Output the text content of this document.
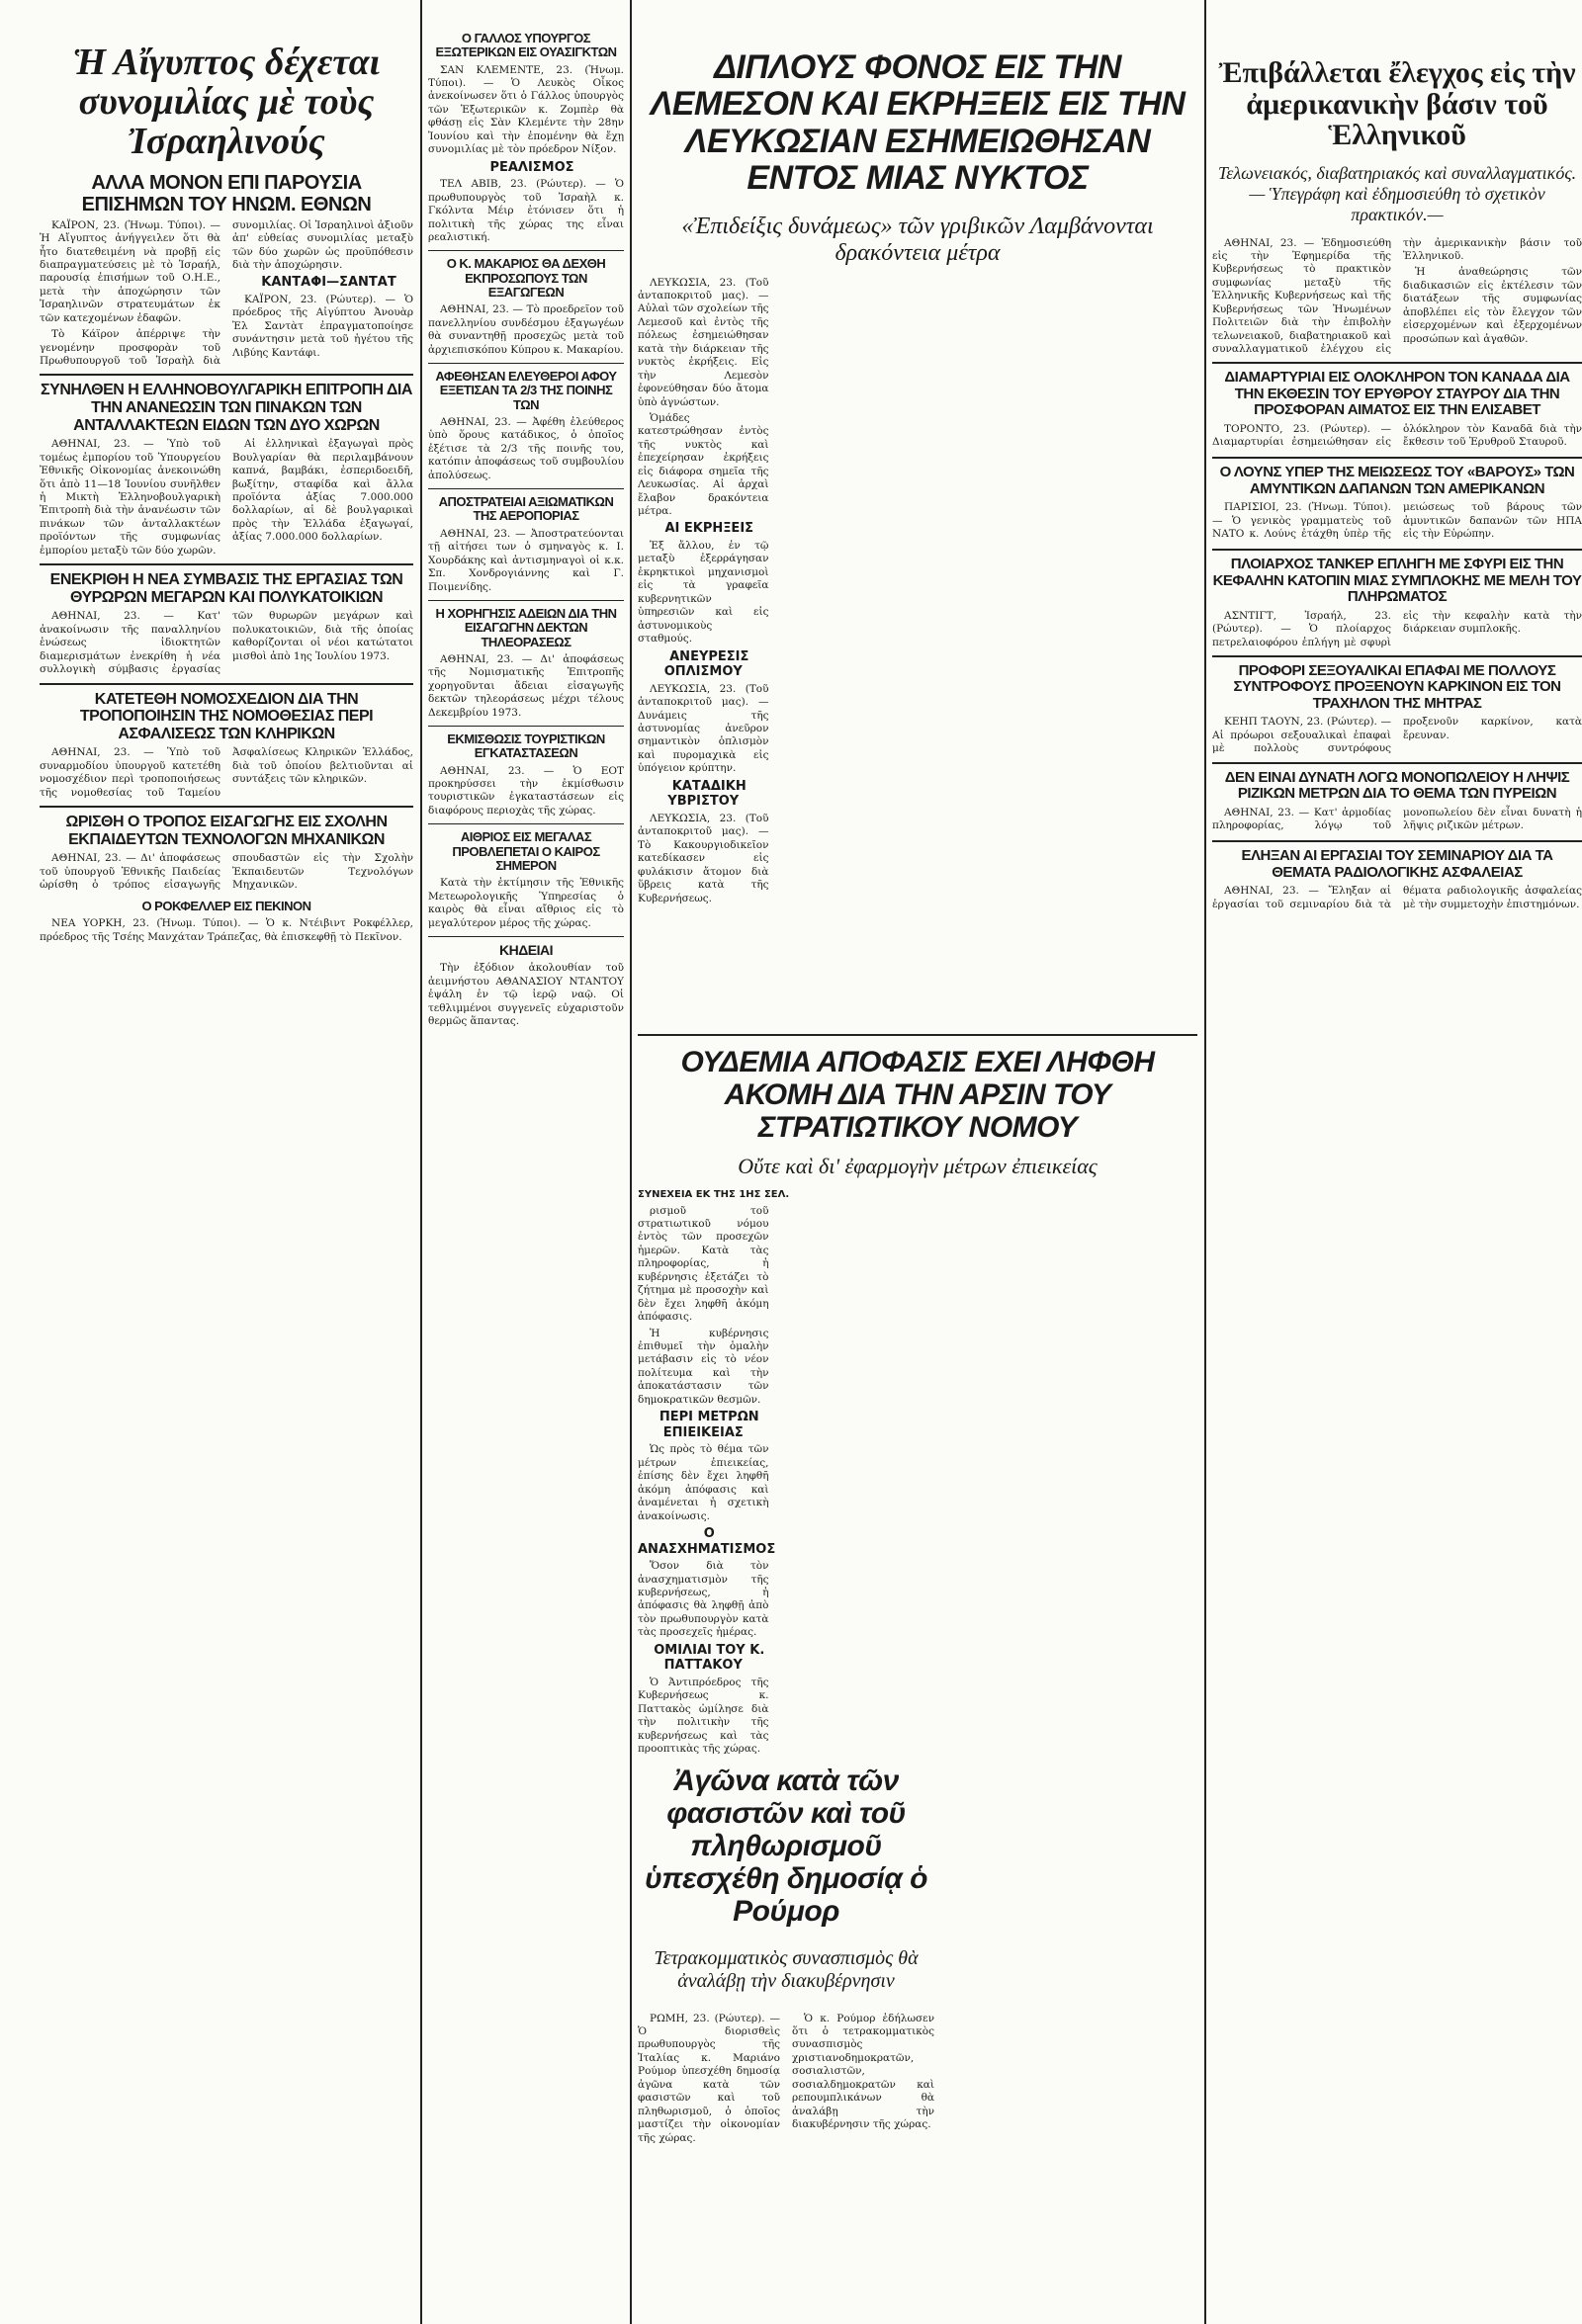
Ἡ Αἴγυπτος δέχεται συνομιλίας μὲ τοὺς Ἰσραηλινούς

ΑΛΛΑ ΜΟΝΟΝ ΕΠΙ ΠΑΡΟΥΣΙΑ ΕΠΙΣΗΜΩΝ ΤΟΥ ΗΝΩΜ. ΕΘΝΩΝ

ΚΑΪΡΟΝ, 23. (Ἡνωμ. Τύποι). — Ἡ Αἴγυπτος ἀνήγγειλεν ὅτι θὰ ἦτο διατεθειμένη νὰ προβῇ εἰς διαπραγματεύσεις μὲ τὸ Ἰσραήλ, παρουσίᾳ ἐπισήμων τοῦ Ο.Η.Ε., μετὰ τὴν ἀποχώρησιν τῶν Ἰσραηλινῶν στρατευμάτων ἐκ τῶν κατεχομένων ἐδαφῶν.

Τὸ Κάϊρον ἀπέρριψε τὴν γενομένην προσφορὰν τοῦ Πρωθυπουργοῦ τοῦ Ἰσραὴλ διὰ συνομιλίας. Οἱ Ἰσραηλινοὶ ἀξιοῦν ἀπ' εὐθείας συνομιλίας μεταξὺ τῶν δύο χωρῶν ὡς προϋπόθεσιν διὰ τὴν ἀποχώρησιν.

ΚΑΝΤΑΦΙ—ΣΑΝΤΑΤ

ΚΑΪΡΟΝ, 23. (Ρώυτερ). — Ὁ πρόεδρος τῆς Αἰγύπτου Ἀνουὰρ Ἐλ Σαντὰτ ἐπραγματοποίησε συνάντησιν μετὰ τοῦ ἡγέτου τῆς Λιβύης Καντάφι.

ΣΥΝΗΛΘΕΝ Η ΕΛΛΗΝΟΒΟΥΛΓΑΡΙΚΗ ΕΠΙΤΡΟΠΗ ΔΙΑ ΤΗΝ ΑΝΑΝΕΩΣΙΝ ΤΩΝ ΠΙΝΑΚΩΝ ΤΩΝ ΑΝΤΑΛΛΑΚΤΕΩΝ ΕΙΔΩΝ ΤΩΝ ΔΥΟ ΧΩΡΩΝ

ΑΘΗΝΑΙ, 23. — Ὑπὸ τοῦ τομέως ἐμπορίου τοῦ Ὑπουργείου Ἐθνικῆς Οἰκονομίας ἀνεκοινώθη ὅτι ἀπὸ 11—18 Ἰουνίου συνῆλθεν ἡ Μικτὴ Ἑλληνοβουλγαρικὴ Ἐπιτροπὴ διὰ τὴν ἀνανέωσιν τῶν πινάκων τῶν ἀνταλλακτέων προϊόντων τῆς συμφωνίας ἐμπορίου μεταξὺ τῶν δύο χωρῶν.

Αἱ ἑλληνικαὶ ἐξαγωγαὶ πρὸς Βουλγαρίαν θὰ περιλαμβάνουν καπνά, βαμβάκι, ἐσπεριδοειδῆ, βωξίτην, σταφίδα καὶ ἄλλα προϊόντα ἀξίας 7.000.000 δολλαρίων, αἱ δὲ βουλγαρικαὶ πρὸς τὴν Ἑλλάδα ἐξαγωγαί, ἀξίας 7.000.000 δολλαρίων.

ΕΝΕΚΡΙΘΗ Η ΝΕΑ ΣΥΜΒΑΣΙΣ ΤΗΣ ΕΡΓΑΣΙΑΣ ΤΩΝ ΘΥΡΩΡΩΝ ΜΕΓΑΡΩΝ ΚΑΙ ΠΟΛΥΚΑΤΟΙΚΙΩΝ

ΑΘΗΝΑΙ, 23. — Κατ' ἀνακοίνωσιν τῆς παναλληνίου ἑνώσεως ἰδιοκτητῶν διαμερισμάτων ἐνεκρίθη ἡ νέα συλλογικὴ σύμβασις ἐργασίας τῶν θυρωρῶν μεγάρων καὶ πολυκατοικιῶν, διὰ τῆς ὁποίας καθορίζονται οἱ νέοι κατώτατοι μισθοὶ ἀπὸ 1ης Ἰουλίου 1973.

ΚΑΤΕΤΕΘΗ ΝΟΜΟΣΧΕΔΙΟΝ ΔΙΑ ΤΗΝ ΤΡΟΠΟΠΟΙΗΣΙΝ ΤΗΣ ΝΟΜΟΘΕΣΙΑΣ ΠΕΡΙ ΑΣΦΑΛΙΣΕΩΣ ΤΩΝ ΚΛΗΡΙΚΩΝ

ΑΘΗΝΑΙ, 23. — Ὑπὸ τοῦ συναρμοδίου ὑπουργοῦ κατετέθη νομοσχέδιον περὶ τροποποιήσεως τῆς νομοθεσίας τοῦ Ταμείου Ἀσφαλίσεως Κληρικῶν Ἑλλάδος, διὰ τοῦ ὁποίου βελτιοῦνται αἱ συντάξεις τῶν κληρικῶν.

ΩΡΙΣΘΗ Ο ΤΡΟΠΟΣ ΕΙΣΑΓΩΓΗΣ ΕΙΣ ΣΧΟΛΗΝ ΕΚΠΑΙΔΕΥΤΩΝ ΤΕΧΝΟΛΟΓΩΝ ΜΗΧΑΝΙΚΩΝ

ΑΘΗΝΑΙ, 23. — Δι' ἀποφάσεως τοῦ ὑπουργοῦ Ἐθνικῆς Παιδείας ὡρίσθη ὁ τρόπος εἰσαγωγῆς σπουδαστῶν εἰς τὴν Σχολὴν Ἐκπαιδευτῶν Τεχνολόγων Μηχανικῶν.

Ο ΡΟΚΦΕΛΛΕΡ ΕΙΣ ΠΕΚΙΝΟΝ

ΝΕΑ ΥΟΡΚΗ, 23. (Ἡνωμ. Τύποι). — Ὁ κ. Ντέιβιντ Ροκφέλλερ, πρόεδρος τῆς Τσέης Μανχάταν Τράπεζας, θὰ ἐπισκεφθῇ τὸ Πεκῖνον.

Ο ΓΑΛΛΟΣ ΥΠΟΥΡΓΟΣ ΕΞΩΤΕΡΙΚΩΝ ΕΙΣ ΟΥΑΣΙΓΚΤΩΝ

ΣΑΝ ΚΛΕΜΕΝΤΕ, 23. (Ἡνωμ. Τύποι). — Ὁ Λευκὸς Οἶκος ἀνεκοίνωσεν ὅτι ὁ Γάλλος ὑπουργὸς τῶν Ἐξωτερικῶν κ. Ζομπὲρ θὰ φθάσῃ εἰς Σὰν Κλεμέντε τὴν 28ην Ἰουνίου καὶ τὴν ἐπομένην θὰ ἔχῃ συνομιλίας μὲ τὸν πρόεδρον Νίξον.

ΡΕΑΛΙΣΜΟΣ

ΤΕΛ ΑΒΙΒ, 23. (Ρώυτερ). — Ὁ πρωθυπουργὸς τοῦ Ἰσραὴλ κ. Γκόλντα Μέιρ ἐτόνισεν ὅτι ἡ πολιτικὴ τῆς χώρας της εἶναι ρεαλιστική.

Ο Κ. ΜΑΚΑΡΙΟΣ ΘΑ ΔΕΧΘΗ ΕΚΠΡΟΣΩΠΟΥΣ ΤΩΝ ΕΞΑΓΩΓΕΩΝ

ΑΘΗΝΑΙ, 23. — Τὸ προεδρεῖον τοῦ πανελληνίου συνδέσμου ἐξαγωγέων θὰ συναντηθῇ προσεχῶς μετὰ τοῦ ἀρχιεπισκόπου Κύπρου κ. Μακαρίου.

ΑΦΕΘΗΣΑΝ ΕΛΕΥΘΕΡΟΙ ΑΦΟΥ ΕΞΕΤΙΣΑΝ ΤΑ 2/3 ΤΗΣ ΠΟΙΝΗΣ ΤΩΝ

ΑΘΗΝΑΙ, 23. — Ἀφέθη ἐλεύθερος ὑπὸ ὅρους κατάδικος, ὁ ὁποῖος ἐξέτισε τὰ 2/3 τῆς ποινῆς του, κατόπιν ἀποφάσεως τοῦ συμβουλίου ἀπολύσεως.

ΑΠΟΣΤΡΑΤΕΙΑΙ ΑΞΙΩΜΑΤΙΚΩΝ ΤΗΣ ΑΕΡΟΠΟΡΙΑΣ

ΑΘΗΝΑΙ, 23. — Ἀποστρατεύονται τῇ αἰτήσει των ὁ σμηναγὸς κ. Ι. Χουρδάκης καὶ ἀντισμηναγοὶ οἱ κ.κ. Σπ. Χονδρογιάννης καὶ Γ. Ποιμενίδης.

Η ΧΟΡΗΓΗΣΙΣ ΑΔΕΙΩΝ ΔΙΑ ΤΗΝ ΕΙΣΑΓΩΓΗΝ ΔΕΚΤΩΝ ΤΗΛΕΟΡΑΣΕΩΣ

ΑΘΗΝΑΙ, 23. — Δι' ἀποφάσεως τῆς Νομισματικῆς Ἐπιτροπῆς χορηγοῦνται ἄδειαι εἰσαγωγῆς δεκτῶν τηλεοράσεως μέχρι τέλους Δεκεμβρίου 1973.

ΕΚΜΙΣΘΩΣΙΣ ΤΟΥΡΙΣΤΙΚΩΝ ΕΓΚΑΤΑΣΤΑΣΕΩΝ

ΑΘΗΝΑΙ, 23. — Ὁ ΕΟΤ προκηρύσσει τὴν ἐκμίσθωσιν τουριστικῶν ἐγκαταστάσεων εἰς διαφόρους περιοχὰς τῆς χώρας.

ΑΙΘΡΙΟΣ ΕΙΣ ΜΕΓΑΛΑΣ ΠΡΟΒΛΕΠΕΤΑΙ Ο ΚΑΙΡΟΣ ΣΗΜΕΡΟΝ

Κατὰ τὴν ἐκτίμησιν τῆς Ἐθνικῆς Μετεωρολογικῆς Ὑπηρεσίας ὁ καιρὸς θὰ εἶναι αἴθριος εἰς τὸ μεγαλύτερον μέρος τῆς χώρας.

ΚΗΔΕΙΑΙ

Τὴν ἐξόδιον ἀκολουθίαν τοῦ ἀειμνήστου ΑΘΑΝΑΣΙΟΥ ΝΤΑΝΤΟΥ ἐψάλη ἐν τῷ ἱερῷ ναῷ. Οἱ τεθλιμμένοι συγγενεῖς εὐχαριστοῦν θερμῶς ἅπαντας.

ΔΙΠΛΟΥΣ ΦΟΝΟΣ ΕΙΣ ΤΗΝ ΛΕΜΕΣΟΝ ΚΑΙ ΕΚΡΗΞΕΙΣ ΕΙΣ ΤΗΝ ΛΕΥΚΩΣΙΑΝ ΕΣΗΜΕΙΩΘΗΣΑΝ ΕΝΤΟΣ ΜΙΑΣ ΝΥΚΤΟΣ

«Ἐπιδείξις δυνάμεως» τῶν γριβικῶν Λαμβάνονται δρακόντεια μέτρα

ΛΕΥΚΩΣΙΑ, 23. (Τοῦ ἀνταποκριτοῦ μας). — Αὐλαὶ τῶν σχολείων τῆς Λεμεσοῦ καὶ ἐντὸς τῆς πόλεως ἐσημειώθησαν κατὰ τὴν διάρκειαν τῆς νυκτὸς ἐκρήξεις. Εἰς τὴν Λεμεσὸν ἐφονεύθησαν δύο ἄτομα ὑπὸ ἀγνώστων.

Ὁμάδες κατεστρώθησαν ἐντὸς τῆς νυκτὸς καὶ ἐπεχείρησαν ἐκρήξεις εἰς διάφορα σημεῖα τῆς Λευκωσίας. Αἱ ἀρχαὶ ἔλαβον δρακόντεια μέτρα.

ΑΙ ΕΚΡΗΞΕΙΣ

Ἐξ ἄλλου, ἐν τῷ μεταξὺ ἐξερράγησαν ἐκρηκτικοὶ μηχανισμοὶ εἰς τὰ γραφεῖα κυβερνητικῶν ὑπηρεσιῶν καὶ εἰς ἀστυνομικοὺς σταθμούς.

ΑΝΕΥΡΕΣΙΣ ΟΠΛΙΣΜΟΥ

ΛΕΥΚΩΣΙΑ, 23. (Τοῦ ἀνταποκριτοῦ μας). — Δυνάμεις τῆς ἀστυνομίας ἀνεῦρον σημαντικὸν ὁπλισμὸν καὶ πυρομαχικὰ εἰς ὑπόγειον κρύπτην.

ΚΑΤΑΔΙΚΗ ΥΒΡΙΣΤΟΥ

ΛΕΥΚΩΣΙΑ, 23. (Τοῦ ἀνταποκριτοῦ μας). — Τὸ Κακουργιοδικεῖον κατεδίκασεν εἰς φυλάκισιν ἄτομον διὰ ὕβρεις κατὰ τῆς Κυβερνήσεως.

ΟΥΔΕΜΙΑ ΑΠΟΦΑΣΙΣ ΕΧΕΙ ΛΗΦΘΗ ΑΚΟΜΗ ΔΙΑ ΤΗΝ ΑΡΣΙΝ ΤΟΥ ΣΤΡΑΤΙΩΤΙΚΟΥ ΝΟΜΟΥ

Οὔτε καὶ δι' ἐφαρμογὴν μέτρων ἐπιεικείας

ΣΥΝΕΧΕΙΑ ΕΚ ΤΗΣ 1ΗΣ ΣΕΛ.

ρισμοῦ τοῦ στρατιωτικοῦ νόμου ἐντὸς τῶν προσεχῶν ἡμερῶν. Κατὰ τὰς πληροφορίας, ἡ κυβέρνησις ἐξετάζει τὸ ζήτημα μὲ προσοχὴν καὶ δὲν ἔχει ληφθῆ ἀκόμη ἀπόφασις.

Ἡ κυβέρνησις ἐπιθυμεῖ τὴν ὁμαλὴν μετάβασιν εἰς τὸ νέον πολίτευμα καὶ τὴν ἀποκατάστασιν τῶν δημοκρατικῶν θεσμῶν.

ΠΕΡΙ ΜΕΤΡΩΝ ΕΠΙΕΙΚΕΙΑΣ

Ὡς πρὸς τὸ θέμα τῶν μέτρων ἐπιεικείας, ἐπίσης δὲν ἔχει ληφθῆ ἀκόμη ἀπόφασις καὶ ἀναμένεται ἡ σχετικὴ ἀνακοίνωσις.

Ο ΑΝΑΣΧΗΜΑΤΙΣΜΟΣ

Ὅσον διὰ τὸν ἀνασχηματισμὸν τῆς κυβερνήσεως, ἡ ἀπόφασις θὰ ληφθῇ ἀπὸ τὸν πρωθυπουργὸν κατὰ τὰς προσεχεῖς ἡμέρας.

ΟΜΙΛΙΑΙ ΤΟΥ Κ. ΠΑΤΤΑΚΟΥ

Ὁ Ἀντιπρόεδρος τῆς Κυβερνήσεως κ. Παττακὸς ὡμίλησε διὰ τὴν πολιτικὴν τῆς κυβερνήσεως καὶ τὰς προοπτικὰς τῆς χώρας.

Ἀγῶνα κατὰ τῶν φασιστῶν καὶ τοῦ πληθωρισμοῦ ὑπεσχέθη δημοσίᾳ ὁ Ρούμορ

Τετρακομματικὸς συνασπισμὸς θὰ ἀναλάβῃ τὴν διακυβέρνησιν

ΡΩΜΗ, 23. (Ρώυτερ). — Ὁ διορισθεὶς πρωθυπουργὸς τῆς Ἰταλίας κ. Μαριάνο Ρούμορ ὑπεσχέθη δημοσίᾳ ἀγῶνα κατὰ τῶν φασιστῶν καὶ τοῦ πληθωρισμοῦ, ὁ ὁποῖος μαστίζει τὴν οἰκονομίαν τῆς χώρας.

Ὁ κ. Ρούμορ ἐδήλωσεν ὅτι ὁ τετρακομματικὸς συνασπισμὸς χριστιανοδημοκρατῶν, σοσιαλιστῶν, σοσιαλδημοκρατῶν καὶ ρεπουμπλικάνων θὰ ἀναλάβῃ τὴν διακυβέρνησιν τῆς χώρας.

Ἐπιβάλλεται ἔλεγχος εἰς τὴν ἀμερικανικὴν βάσιν τοῦ Ἑλληνικοῦ

Τελωνειακός, διαβατηριακός καὶ συναλλαγματικός.— Ὑπεγράφη καὶ ἐδημοσιεύθη τὸ σχετικὸν πρακτικόν.—

ΑΘΗΝΑΙ, 23. — Ἐδημοσιεύθη εἰς τὴν Ἐφημερίδα τῆς Κυβερνήσεως τὸ πρακτικὸν συμφωνίας μεταξὺ τῆς Ἑλληνικῆς Κυβερνήσεως καὶ τῆς Κυβερνήσεως τῶν Ἡνωμένων Πολιτειῶν διὰ τὴν ἐπιβολὴν τελωνειακοῦ, διαβατηριακοῦ καὶ συναλλαγματικοῦ ἐλέγχου εἰς τὴν ἀμερικανικὴν βάσιν τοῦ Ἑλληνικοῦ.

Ἡ ἀναθεώρησις τῶν διαδικασιῶν εἰς ἐκτέλεσιν τῶν διατάξεων τῆς συμφωνίας ἀποβλέπει εἰς τὸν ἔλεγχον τῶν εἰσερχομένων καὶ ἐξερχομένων προσώπων καὶ ἀγαθῶν.

ΔΙΑΜΑΡΤΥΡΙΑΙ ΕΙΣ ΟΛΟΚΛΗΡΟΝ ΤΟΝ ΚΑΝΑΔΑ ΔΙΑ ΤΗΝ ΕΚΘΕΣΙΝ ΤΟΥ ΕΡΥΘΡΟΥ ΣΤΑΥΡΟΥ ΔΙΑ ΤΗΝ ΠΡΟΣΦΟΡΑΝ ΑΙΜΑΤΟΣ ΕΙΣ ΤΗΝ ΕΛΙΣΑΒΕΤ

ΤΟΡΟΝΤΟ, 23. (Ρώυτερ). — Διαμαρτυρίαι ἐσημειώθησαν εἰς ὁλόκληρον τὸν Καναδᾶ διὰ τὴν ἔκθεσιν τοῦ Ἐρυθροῦ Σταυροῦ.

Ο ΛΟΥΝΣ ΥΠΕΡ ΤΗΣ ΜΕΙΩΣΕΩΣ ΤΟΥ «ΒΑΡΟΥΣ» ΤΩΝ ΑΜΥΝΤΙΚΩΝ ΔΑΠΑΝΩΝ ΤΩΝ ΑΜΕΡΙΚΑΝΩΝ

ΠΑΡΙΣΙΟΙ, 23. (Ἡνωμ. Τύποι). — Ὁ γενικὸς γραμματεὺς τοῦ ΝΑΤΟ κ. Λούνς ἐτάχθη ὑπὲρ τῆς μειώσεως τοῦ βάρους τῶν ἀμυντικῶν δαπανῶν τῶν ΗΠΑ εἰς τὴν Εὐρώπην.

ΠΛΟΙΑΡΧΟΣ ΤΑΝΚΕΡ ΕΠΛΗΓΗ ΜΕ ΣΦΥΡΙ ΕΙΣ ΤΗΝ ΚΕΦΑΛΗΝ ΚΑΤΟΠΙΝ ΜΙΑΣ ΣΥΜΠΛΟΚΗΣ ΜΕ ΜΕΛΗ ΤΟΥ ΠΛΗΡΩΜΑΤΟΣ

ΑΣΝΤΙΓΤ, Ἰσραήλ, 23. (Ρώυτερ). — Ὁ πλοίαρχος πετρελαιοφόρου ἐπλήγη μὲ σφυρὶ εἰς τὴν κεφαλὴν κατὰ τὴν διάρκειαν συμπλοκῆς.

ΠΡΟΦΟΡΙ ΣΕΞΟΥΑΛΙΚΑΙ ΕΠΑΦΑΙ ΜΕ ΠΟΛΛΟΥΣ ΣΥΝΤΡΟΦΟΥΣ ΠΡΟΞΕΝΟΥΝ ΚΑΡΚΙΝΟΝ ΕΙΣ ΤΟΝ ΤΡΑΧΗΛΟΝ ΤΗΣ ΜΗΤΡΑΣ

ΚΕΗΠ ΤΑΟΥΝ, 23. (Ρώυτερ). — Αἱ πρόωροι σεξουαλικαὶ ἐπαφαὶ μὲ πολλοὺς συντρόφους προξενοῦν καρκίνον, κατὰ ἔρευναν.

ΔΕΝ ΕΙΝΑΙ ΔΥΝΑΤΗ ΛΟΓΩ ΜΟΝΟΠΩΛΕΙΟΥ Η ΛΗΨΙΣ ΡΙΖΙΚΩΝ ΜΕΤΡΩΝ ΔΙΑ ΤΟ ΘΕΜΑ ΤΩΝ ΠΥΡΕΙΩΝ

ΑΘΗΝΑΙ, 23. — Κατ' ἀρμοδίας πληροφορίας, λόγῳ τοῦ μονοπωλείου δὲν εἶναι δυνατὴ ἡ λῆψις ριζικῶν μέτρων.

ΕΛΗΞΑΝ ΑΙ ΕΡΓΑΣΙΑΙ ΤΟΥ ΣΕΜΙΝΑΡΙΟΥ ΔΙΑ ΤΑ ΘΕΜΑΤΑ ΡΑΔΙΟΛΟΓΙΚΗΣ ΑΣΦΑΛΕΙΑΣ

ΑΘΗΝΑΙ, 23. — Ἔληξαν αἱ ἐργασίαι τοῦ σεμιναρίου διὰ τὰ θέματα ραδιολογικῆς ἀσφαλείας μὲ τὴν συμμετοχὴν ἐπιστημόνων.
